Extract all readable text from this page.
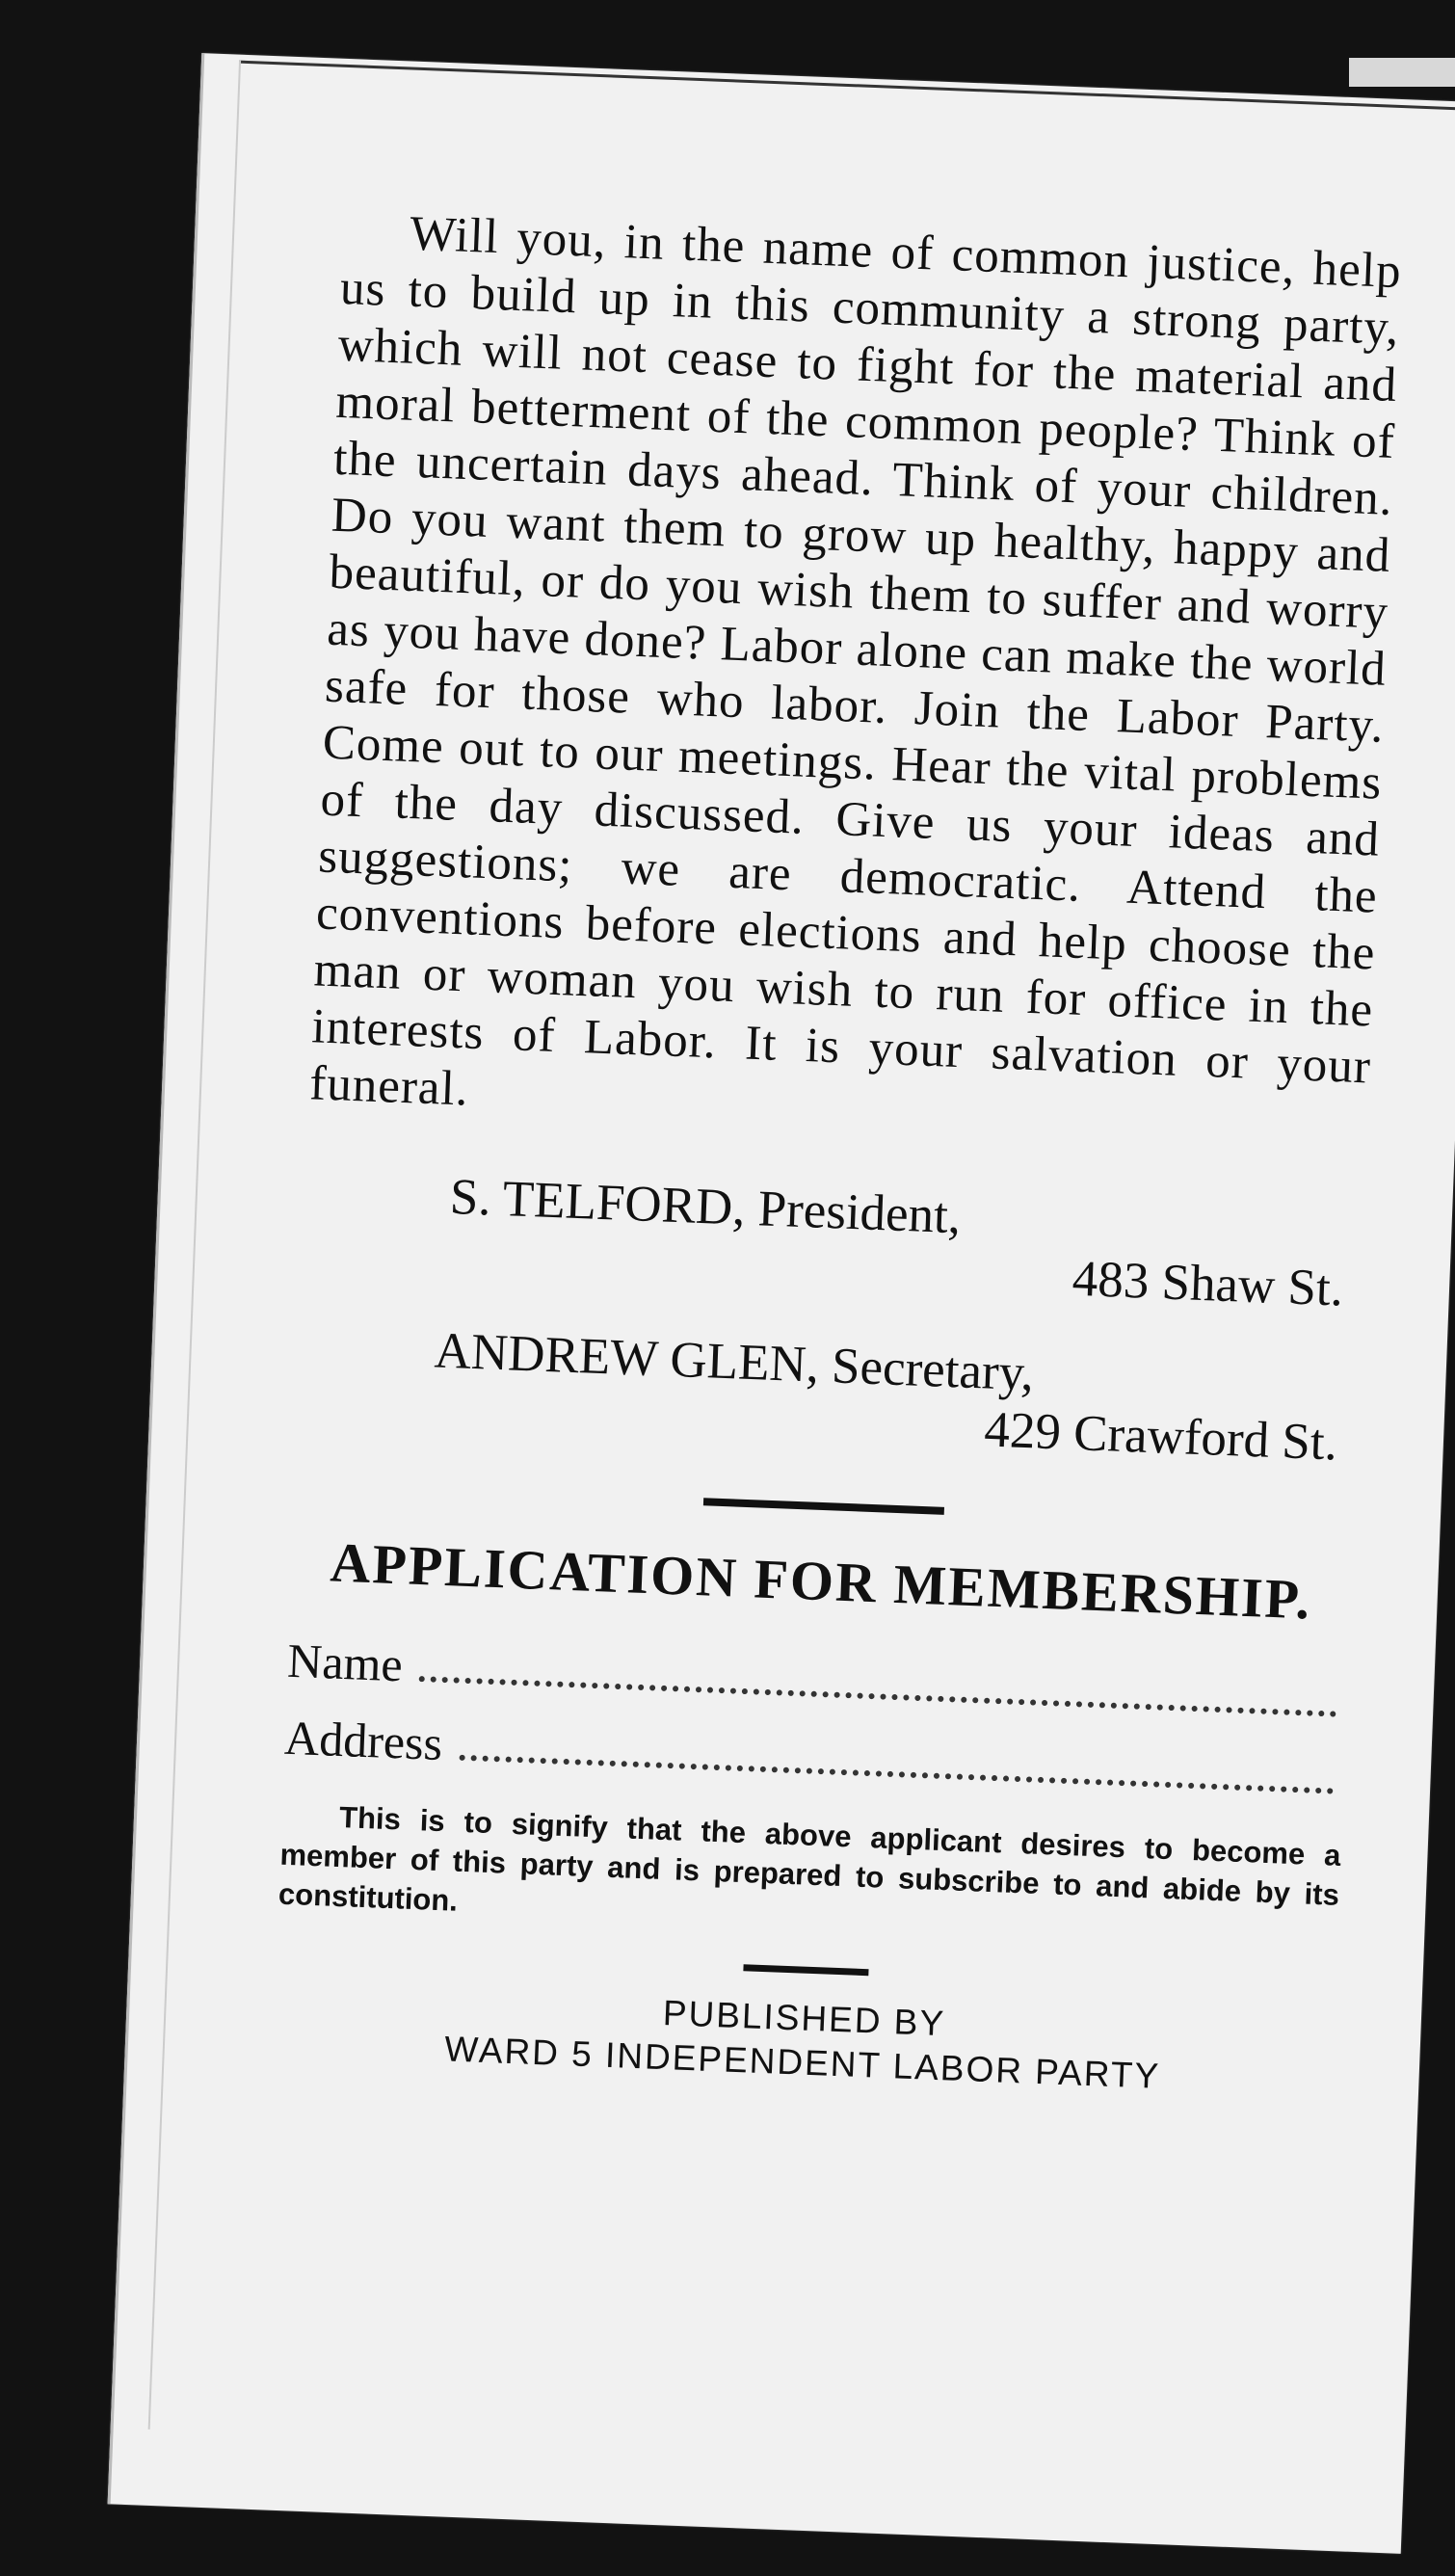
Will you, in the name of common justice, help us to build up in this community a strong party, which will not cease to fight for the material and moral betterment of the common people? Think of the uncertain days ahead. Think of your children. Do you want them to grow up healthy, happy and beautiful, or do you wish them to suffer and worry as you have done? Labor alone can make the world safe for those who labor. Join the Labor Party. Come out to our meetings. Hear the vital problems of the day discussed. Give us your ideas and suggestions; we are democratic. Attend the conventions before elections and help choose the man or woman you wish to run for office in the interests of Labor. It is your salvation or your funeral.

S. TELFORD, President,
483 Shaw St.
ANDREW GLEN, Secretary,
429 Crawford St.
APPLICATION FOR MEMBERSHIP.
Name
Address

This is to signify that the above applicant desires to become a member of this party and is prepared to subscribe to and abide by its constitution.

PUBLISHED BY

WARD 5 INDEPENDENT LABOR PARTY
